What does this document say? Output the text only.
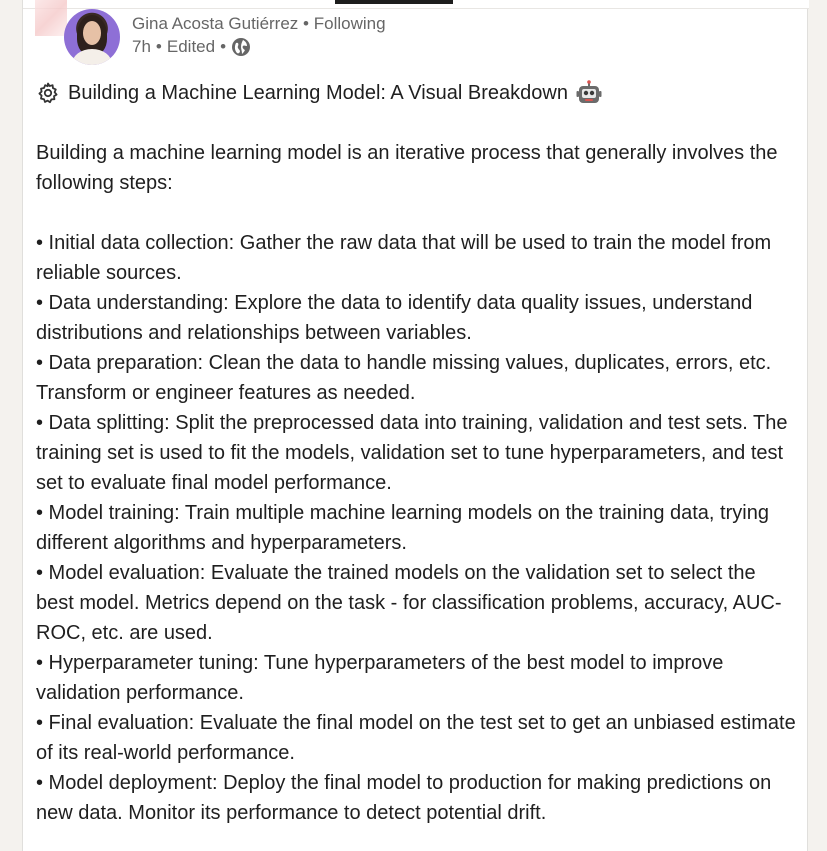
Gina Acosta Gutiérrez • Following
7h • Edited •
Building a Machine Learning Model: A Visual Breakdown
Building a machine learning model is an iterative process that generally involves the following steps:

• Initial data collection: Gather the raw data that will be used to train the model from reliable sources.

• Data understanding: Explore the data to identify data quality issues, understand distributions and relationships between variables.

• Data preparation: Clean the data to handle missing values, duplicates, errors, etc. Transform or engineer features as needed.

• Data splitting: Split the preprocessed data into training, validation and test sets. The training set is used to fit the models, validation set to tune hyperparameters, and test set to evaluate final model performance.

• Model training: Train multiple machine learning models on the training data, trying different algorithms and hyperparameters.

• Model evaluation: Evaluate the trained models on the validation set to select the best model. Metrics depend on the task - for classification problems, accuracy, AUC-ROC, etc. are used.

• Hyperparameter tuning: Tune hyperparameters of the best model to improve validation performance.

• Final evaluation: Evaluate the final model on the test set to get an unbiased estimate of its real-world performance.

• Model deployment: Deploy the final model to production for making predictions on new data. Monitor its performance to detect potential drift.
